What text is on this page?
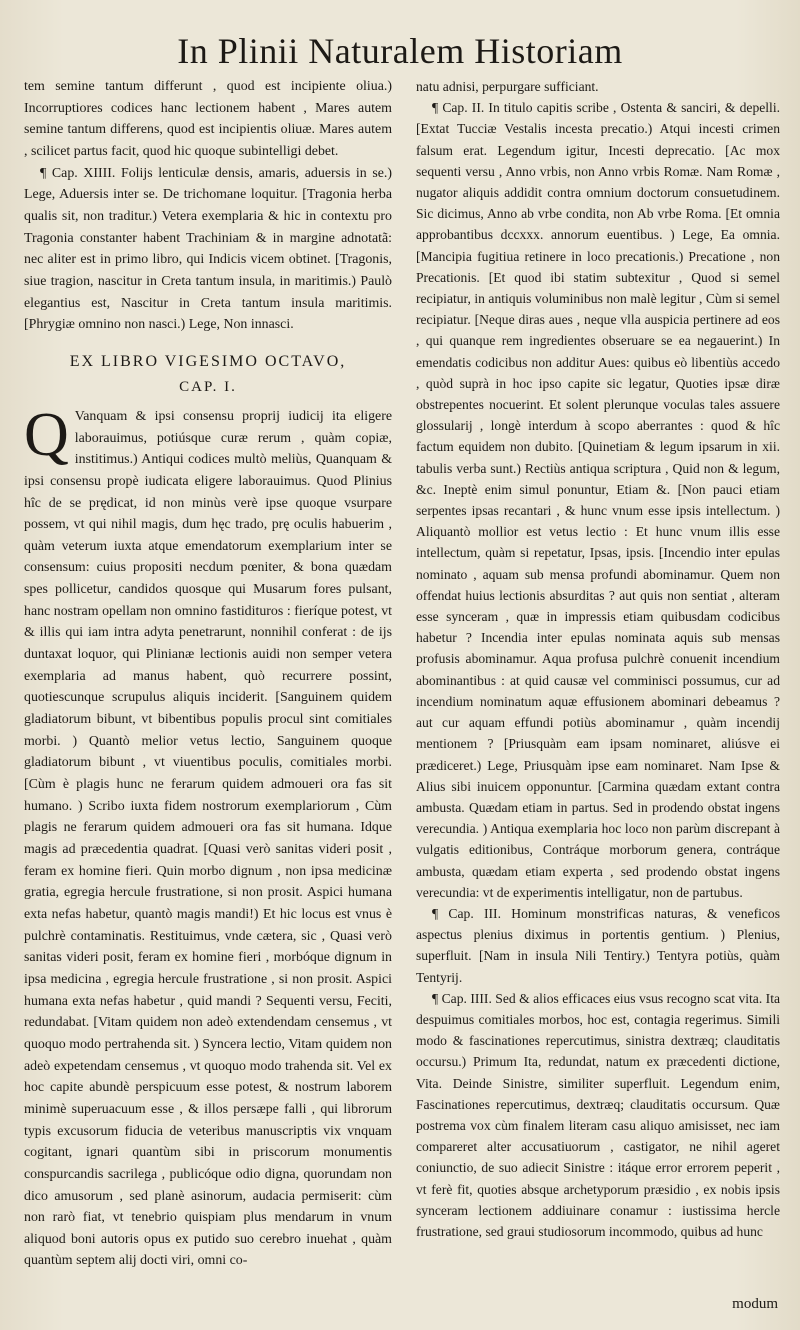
In Plinii Naturalem Historiam

tem semine tantum differunt , quod est incipiente oliua.) Incorruptiores codices hanc lectionem habent , Mares autem semine tantum differens, quod est incipientis oliuæ. Mares autem , scilicet partus facit, quod hic quoque subintelligi debet.

¶ Cap. XIIII. Folijs lenticulæ densis, amaris, aduersis in se.) Lege, Aduersis inter se. De trichomane loquitur. [Tragonia herba qualis sit, non traditur.) Vetera exemplaria & hic in contextu pro Tragonia constanter habent Trachiniam & in margine adnotatã: nec aliter est in primo libro, qui Indicis vicem obtinet. [Tragonis, siue tragion, nascitur in Creta tantum insula, in maritimis.) Paulò elegantius est, Nascitur in Creta tantum insula maritimis. [Phrygiæ omnino non nasci.) Lege, Non innasci.

EX LIBRO VIGESIMO OCTAVO,
CAP. I.
Q Vanquam & ipsi consensu proprij iudicij ita eligere laborauimus, potiúsque curæ rerum , quàm copiæ, institimus.) Antiqui codices multò meliùs, Quanquam & ipsi consensu propè iudicata eligere laborauimus. Quod Plinius hîc de se prędicat, id non minùs verè ipse quoque vsurpare possem, vt qui nihil magis, dum hęc trado, prę oculis habuerim , quàm veterum iuxta atque emendatorum exemplarium inter se consensum: cuius propositi necdum pœniter, & bona quædam spes pollicetur, candidos quosque qui Musarum fores pulsant, hanc nostram opellam non omnino fastidituros : fieríque potest, vt & illis qui iam intra adyta penetrarunt, nonnihil conferat : de ijs duntaxat loquor, qui Plinianæ lectionis auidi non semper vetera exemplaria ad manus habent, quò recurrere possint, quotiescunque scrupulus aliquis inciderit. [Sanguinem quidem gladiatorum bibunt, vt bibentibus populis procul sint comitiales morbi. ) Quantò melior vetus lectio, Sanguinem quoque gladiatorum bibunt , vt viuentibus poculis, comitiales morbi. [Cùm è plagis hunc ne ferarum quidem admoueri ora fas sit humano. ) Scribo iuxta fidem nostrorum exemplariorum , Cùm plagis ne ferarum quidem admoueri ora fas sit humana. Idque magis ad præcedentia quadrat. [Quasi verò sanitas videri posit , feram ex homine fieri. Quin morbo dignum , non ipsa medicinæ gratia, egregia hercule frustratione, si non prosit. Aspici humana exta nefas habetur, quantò magis mandi!) Et hic locus est vnus è pulchrè contaminatis. Restituimus, vnde cætera, sic , Quasi verò sanitas videri posit, feram ex homine fieri , morbóque dignum in ipsa medicina , egregia hercule frustratione , si non prosit. Aspici humana exta nefas habetur , quid mandi ? Sequenti versu, Feciti, redundabat. [Vitam quidem non adeò extendendam censemus , vt quoquo modo pertrahenda sit. ) Syncera lectio, Vitam quidem non adeò expetendam censemus , vt quoquo modo trahenda sit. Vel ex hoc capite abundè perspicuum esse potest, & nostrum laborem minimè superuacuum esse , & illos persæpe falli , qui librorum typis excusorum fiducia de veteribus manuscriptis vix vnquam cogitant, ignari quantùm sibi in priscorum monumentis conspurcandis sacrilega , publicóque odio digna, quorundam non dico amusorum , sed planè asinorum, audacia permiserit: cùm non rarò fiat, vt tenebrio quispiam plus mendarum in vnum aliquod boni autoris opus ex putido suo cerebro inuehat , quàm quantùm septem alij docti viri, omni co-

natu adnisi, perpurgare sufficiant.

¶ Cap. II. In titulo capitis scribe , Ostenta & sanciri, & depelli. [Extat Tucciæ Vestalis incesta precatio.) Atqui incesti crimen falsum erat. Legendum igitur, Incesti deprecatio. [Ac mox sequenti versu , Anno vrbis, non Anno vrbis Romæ. Nam Romæ , nugator aliquis addidit contra omnium doctorum consuetudinem. Sic dicimus, Anno ab vrbe condita, non Ab vrbe Roma. [Et omnia approbantibus dccxxx. annorum euentibus. ) Lege, Ea omnia. [Mancipia fugitiua retinere in loco precationis.) Precatione , non Precationis. [Et quod ibi statim subtexitur , Quod si semel recipiatur, in antiquis voluminibus non malè legitur , Cùm si semel recipiatur. [Neque diras aues , neque vlla auspicia pertinere ad eos , qui quanque rem ingredientes obseruare se ea negauerint.) In emendatis codicibus non additur Aues: quibus eò libentiùs accedo , quòd suprà in hoc ipso capite sic legatur, Quoties ipsæ diræ obstrepentes nocuerint. Et solent plerunque voculas tales assuere glossularij , longè interdum à scopo aberrantes : quod & hîc factum equidem non dubito. [Quinetiam & legum ipsarum in xii. tabulis verba sunt.) Rectiùs antiqua scriptura , Quid non & legum, &c. Ineptè enim simul ponuntur, Etiam &. [Non pauci etiam serpentes ipsas recantari , & hunc vnum esse ipsis intellectum. ) Aliquantò mollior est vetus lectio : Et hunc vnum illis esse intellectum, quàm si repetatur, Ipsas, ipsis. [Incendio inter epulas nominato , aquam sub mensa profundi abominamur. Quem non offendat huius lectionis absurditas ? aut quis non sentiat , alteram esse synceram , quæ in impressis etiam quibusdam codicibus habetur ? Incendia inter epulas nominata aquis sub mensas profusis abominamur. Aqua profusa pulchrè conuenit incendium abominantibus : at quid causæ vel comminisci possumus, cur ad incendium nominatum aquæ effusionem abominari debeamus ? aut cur aquam effundi potiùs abominamur , quàm incendij mentionem ? [Priusquàm eam ipsam nominaret, aliúsve ei prædiceret.) Lege, Priusquàm ipse eam nominaret. Nam Ipse & Alius sibi inuicem opponuntur. [Carmina quædam extant contra ambusta. Quædam etiam in partus. Sed in prodendo obstat ingens verecundia. ) Antiqua exemplaria hoc loco non parùm discrepant à vulgatis editionibus, Contráque morborum genera, contráque ambusta, quædam etiam experta , sed prodendo obstat ingens verecundia: vt de experimentis intelligatur, non de partubus.

¶ Cap. III. Hominum monstrificas naturas, & veneficos aspectus plenius diximus in portentis gentium. ) Plenius, superfluit. [Nam in insula Nili Tentiry.) Tentyra potiùs, quàm Tentyrij.

¶ Cap. IIII. Sed & alios efficaces eius vsus recogno scat vita. Ita despuimus comitiales morbos, hoc est, contagia regerimus. Simili modo & fascinationes repercutimus, sinistra dextræq; clauditatis occursu.) Primum Ita, redundat, natum ex præcedenti dictione, Vita. Deinde Sinistre, similiter superfluit. Legendum enim, Fascinationes repercutimus, dextræq; clauditatis occursum. Quæ postrema vox cùm finalem literam casu aliquo amisisset, nec iam compareret alter accusatiuorum , castigator, ne nihil ageret coniunctio, de suo adiecit Sinistre : itáque error errorem peperit , vt ferè fit, quoties absque archetyporum præsidio , ex nobis ipsis synceram lectionem addiuinare conamur : iustissima hercle frustratione, sed graui studiosorum incommodo, quibus ad hunc

modum
